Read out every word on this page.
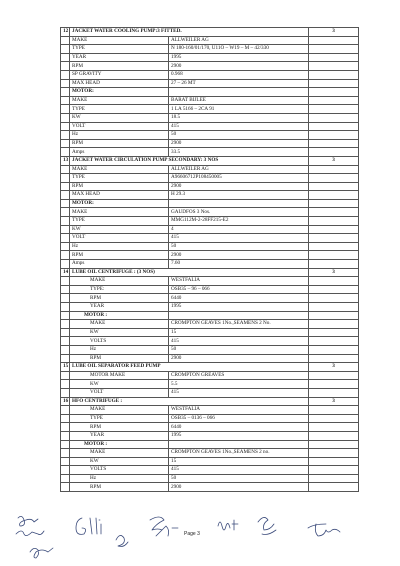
12	JACKET WATER COOLING PUMP:3 FITTED.		3
	MAKE	ALLWEILER AG	
	TYPE	N 180-160/01/170, U11O – W19 – M – 42/330	
	YEAR	1995	
	RPM	2900	
	SP GRAVITY	0.968	
	MAX HEAD	27 – 26 MT	
	MOTOR:		
	MAKE	BARAT BIJLEE	
	TYPE	1 LA 5166 – 2CA 91	
	KW	18.5	
	VOLT	415	
	Hz	50	
	RPM	2900	
	Amps	33.5	
13	JACKET WATER CIRCULATION PUMP SECONDARY: 3 NOS		3
	MAKE	ALLWEILER AG	
	TYPE	A96606712P108450005	
	RPM	2900	
	MAX HEAD	H 29.3	
	MOTOR:		
	MAKE	GAUDFOS 3 Nos.	
	TYPE	MMG112M-2-28FF215-E2	
	KW	4	
	VOLT	415	
	Hz	50	
	RPM	2900	
	Amps	7.60	
14	LUBE OIL CENTRIFUGE : (3 NOS)		3
	MAKE	WESTFALIA	
	TYPE:	OSB35 – 96 – 066	
	RPM	6440	
	YEAR	1995	
	MOTOR :		
	MAKE	CROMPTON GEAVES 1No.,SEAMENS 2 No.	
	KW	15	
	VOLTS	415	
	Hz	50	
	RPM	2900	
15	LUBE OIL SEPARATOR FEED PUMP		3
	MOTOR MAKE	CROMPTON GREAVES	
	KW	5.5	
	VOLT	415	
16	HFO CENTRIFUGE :		3
	MAKE	WESTFALIA	
	TYPE	OSB35 – 0136 – 066	
	RPM	6440	
	YEAR	1995	
	MOTOR :		
	MAKE	CROMPTON GEAVES 1No.,SEAMENS 2 no.	
	KW	15	
	VOLTS	415	
	Hz	50	
	RPM	2900	
Page 3
